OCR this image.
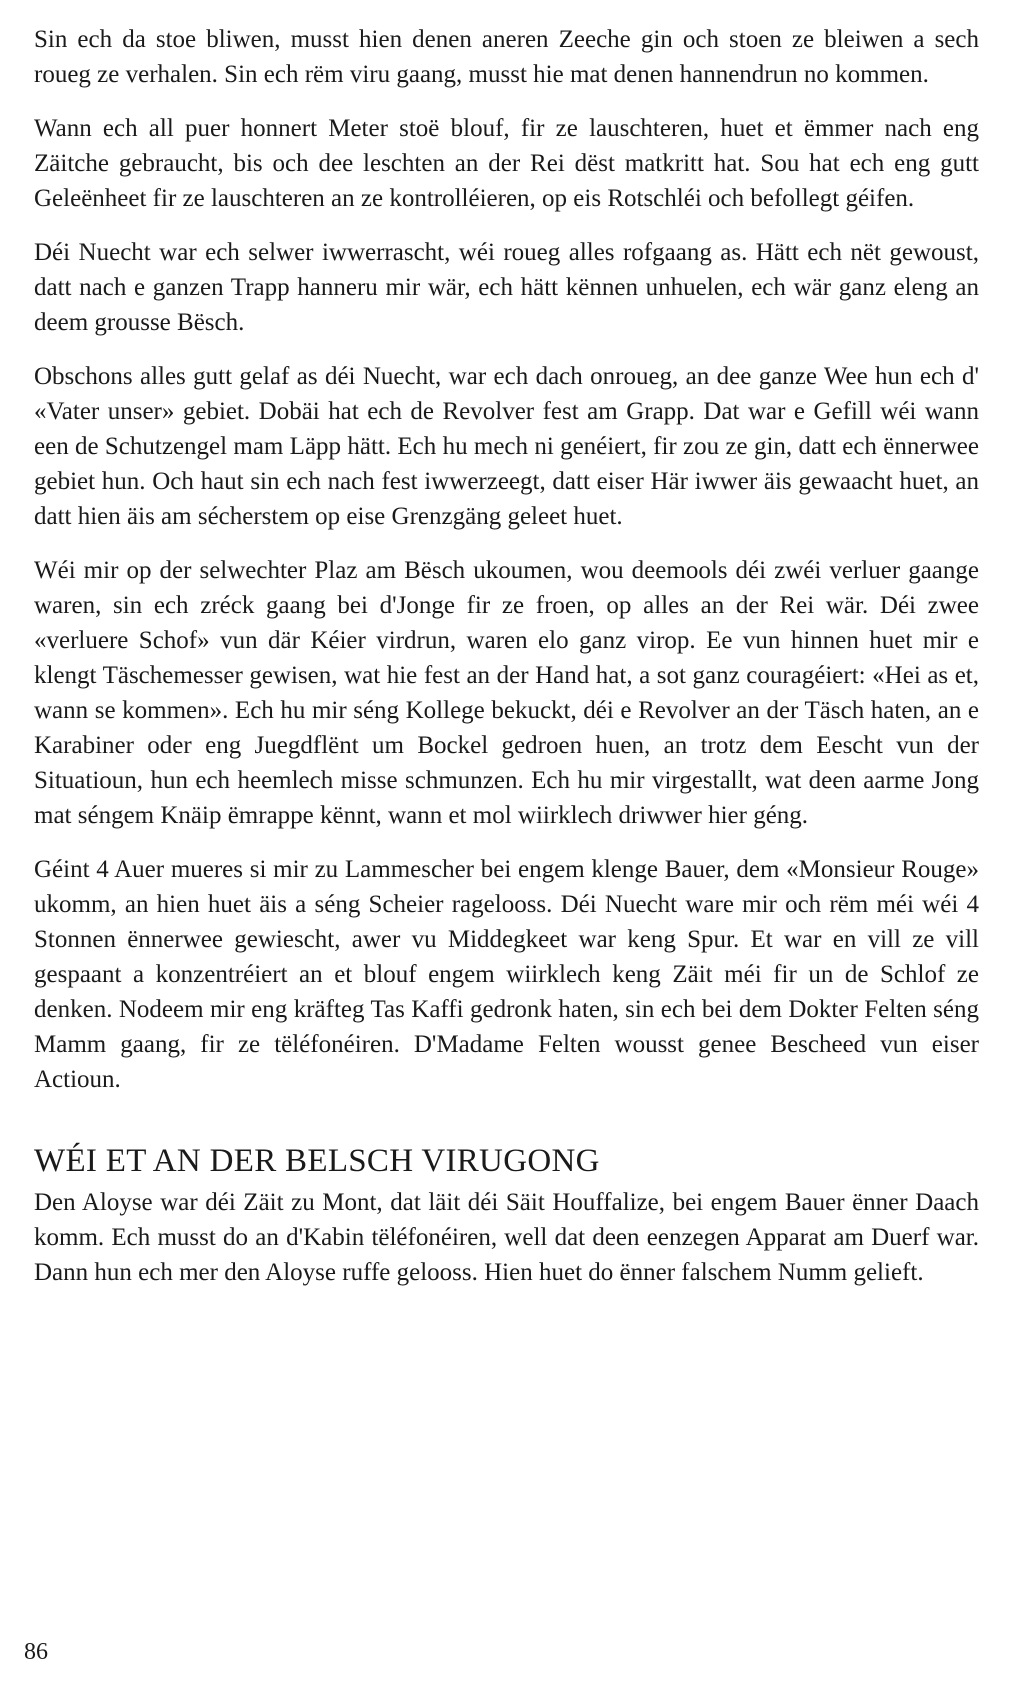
Sin ech da stoe bliwen, musst hien denen aneren Zeeche gin och stoen ze bleiwen a sech roueg ze verhalen. Sin ech rëm viru gaang, musst hie mat denen hannendrun no kommen.

Wann ech all puer honnert Meter stoë blouf, fir ze lauschteren, huet et ëmmer nach eng Zäitche gebraucht, bis och dee leschten an der Rei dëst matkritt hat. Sou hat ech eng gutt Geleënheet fir ze lauschteren an ze kontrolléieren, op eis Rotschléi och befollegt géifen.

Déi Nuecht war ech selwer iwwerrascht, wéi roueg alles rofgaang as. Hätt ech nët gewoust, datt nach e ganzen Trapp hanneru mir wär, ech hätt kënnen unhuelen, ech wär ganz eleng an deem grousse Bësch.

Obschons alles gutt gelaf as déi Nuecht, war ech dach onroueg, an dee ganze Wee hun ech d' «Vater unser» gebiet. Dobäi hat ech de Revolver fest am Grapp. Dat war e Gefill wéi wann een de Schutzengel mam Läpp hätt. Ech hu mech ni genéiert, fir zou ze gin, datt ech ënnerwee gebiet hun. Och haut sin ech nach fest iwwerzeegt, datt eiser Här iwwer äis gewaacht huet, an datt hien äis am sécherstem op eise Grenzgäng geleet huet.

Wéi mir op der selwechter Plaz am Bësch ukoumen, wou deemools déi zwéi verluer gaange waren, sin ech zréck gaang bei d'Jonge fir ze froen, op alles an der Rei wär. Déi zwee «verluere Schof» vun där Kéier virdrun, waren elo ganz virop. Ee vun hinnen huet mir e klengt Täschemesser gewisen, wat hie fest an der Hand hat, a sot ganz couragéiert: «Hei as et, wann se kommen». Ech hu mir séng Kollege bekuckt, déi e Revolver an der Täsch haten, an e Karabiner oder eng Juegdflënt um Bockel gedroen huen, an trotz dem Eescht vun der Situatioun, hun ech heemlech misse schmunzen. Ech hu mir virgestallt, wat deen aarme Jong mat séngem Knäip ëmrappe kënnt, wann et mol wiirklech driwwer hier géng.

Géint 4 Auer mueres si mir zu Lammescher bei engem klenge Bauer, dem «Monsieur Rouge» ukomm, an hien huet äis a séng Scheier ragelooss. Déi Nuecht ware mir och rëm méi wéi 4 Stonnen ënnerwee gewiescht, awer vu Middegkeet war keng Spur. Et war en vill ze vill gespaant a konzentréiert an et blouf engem wiirklech keng Zäit méi fir un de Schlof ze denken. Nodeem mir eng kräfteg Tas Kaffi gedronk haten, sin ech bei dem Dokter Felten séng Mamm gaang, fir ze tëléfonéiren. D'Madame Felten wousst genee Bescheed vun eiser Actioun.

WÉI ET AN DER BELSCH VIRUGONG

Den Aloyse war déi Zäit zu Mont, dat läit déi Säit Houffalize, bei engem Bauer ënner Daach komm. Ech musst do an d'Kabin tëléfonéiren, well dat deen eenzegen Apparat am Duerf war. Dann hun ech mer den Aloyse ruffe gelooss. Hien huet do ënner falschem Numm gelieft.

86
